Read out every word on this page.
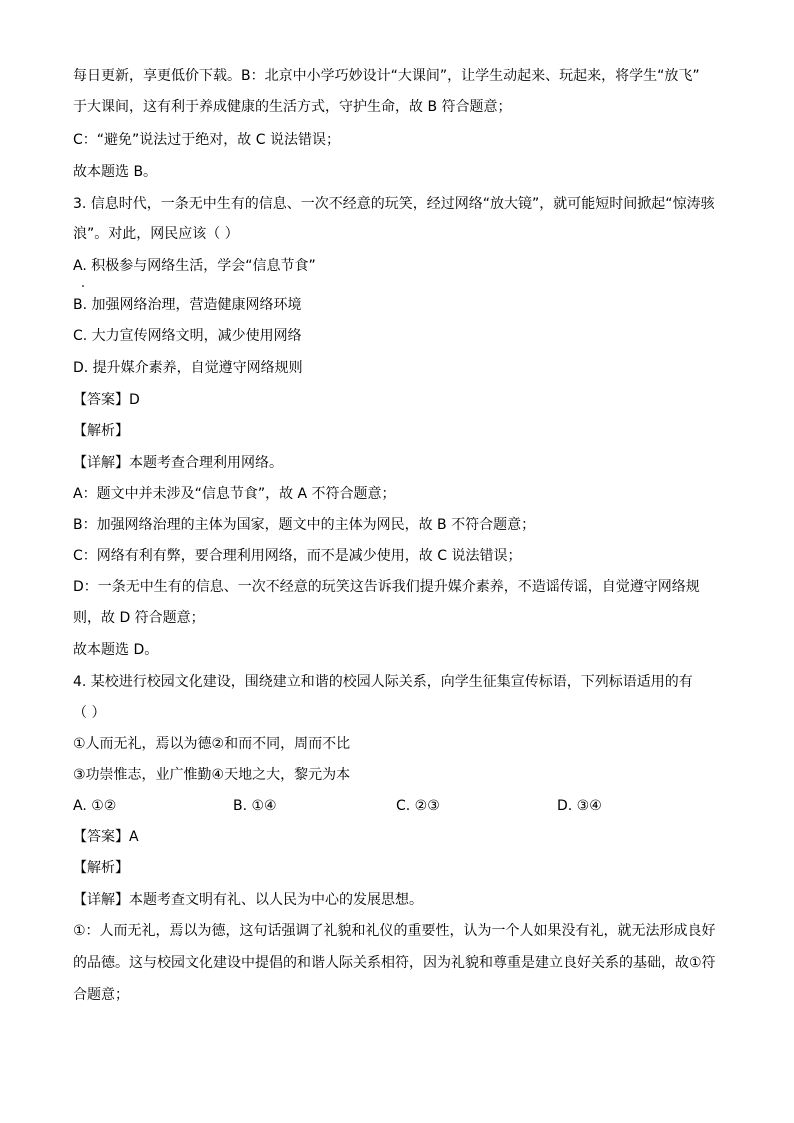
每日更新，享更低价下载。B：北京中小学巧妙设计“大课间”，让学生动起来、玩起来，将学生“放飞”
于大课间，这有利于养成健康的生活方式，守护生命，故 B 符合题意；
C：“避免”说法过于绝对，故 C 说法错误；
故本题选 B。
3. 信息时代，一条无中生有的信息、一次不经意的玩笑，经过网络“放大镜”，就可能短时间掀起“惊涛骇
浪”。对此，网民应该（ ）
A. 积极参与网络生活，学会“信息节食”
B. 加强网络治理，营造健康网络环境
C. 大力宣传网络文明，减少使用网络
D. 提升媒介素养，自觉遵守网络规则
【答案】D
【解析】
【详解】本题考查合理利用网络。
A：题文中并未涉及“信息节食”，故 A 不符合题意；
B：加强网络治理的主体为国家，题文中的主体为网民，故 B 不符合题意；
C：网络有利有弊，要合理利用网络，而不是减少使用，故 C 说法错误；
D：一条无中生有的信息、一次不经意的玩笑这告诉我们提升媒介素养，不造谣传谣，自觉遵守网络规
则，故 D 符合题意；
故本题选 D。
4. 某校进行校园文化建设，围绕建立和谐的校园人际关系，向学生征集宣传标语，下列标语适用的有
（ ）
①人而无礼，焉以为德②和而不同，周而不比
③功崇惟志，业广惟勤④天地之大，黎元为本
A. ①②	B. ①④	C. ②③	D. ③④
【答案】A
【解析】
【详解】本题考查文明有礼、以人民为中心的发展思想。
①：人而无礼，焉以为德，这句话强调了礼貌和礼仪的重要性，认为一个人如果没有礼，就无法形成良好
的品德。这与校园文化建设中提倡的和谐人际关系相符，因为礼貌和尊重是建立良好关系的基础，故①符
合题意；
